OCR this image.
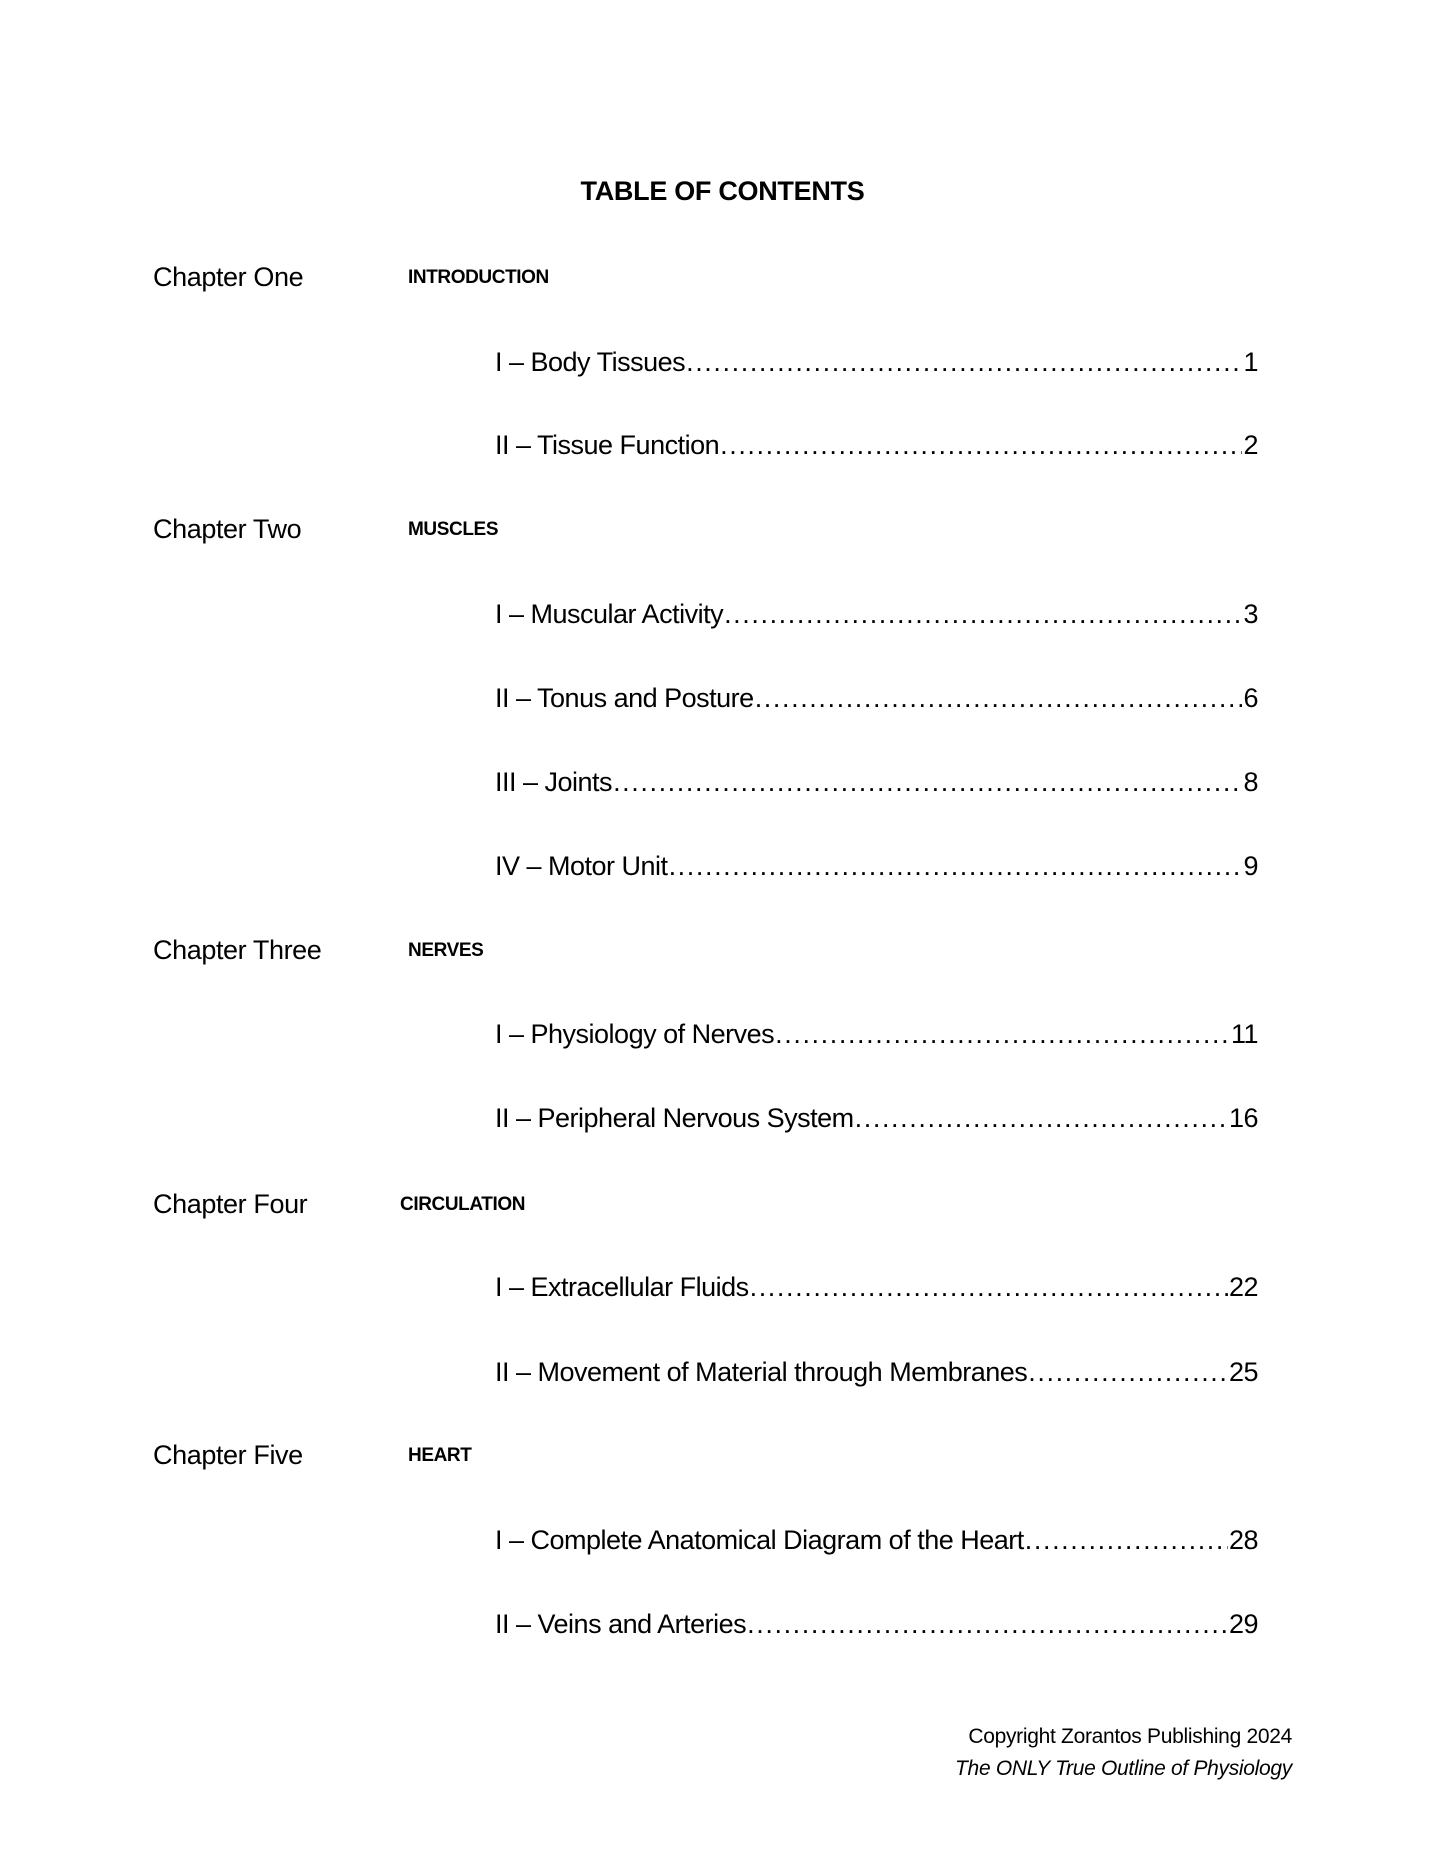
TABLE OF CONTENTS
Chapter One	INTRODUCTION
I – Body Tissues .....	1
II – Tissue Function .....	2
Chapter Two	MUSCLES
I – Muscular Activity .....	3
II – Tonus and Posture .....	6
III – Joints .....	8
IV – Motor Unit .....	9
Chapter Three	NERVES
I – Physiology of Nerves .....	11
II – Peripheral Nervous System .....	16
Chapter Four	CIRCULATION
I – Extracellular Fluids .....	22
II – Movement of Material through Membranes .....	25
Chapter Five	HEART
I – Complete Anatomical Diagram of the Heart .....	28
II – Veins and Arteries .....	29
Copyright Zorantos Publishing 2024
The ONLY True Outline of Physiology
